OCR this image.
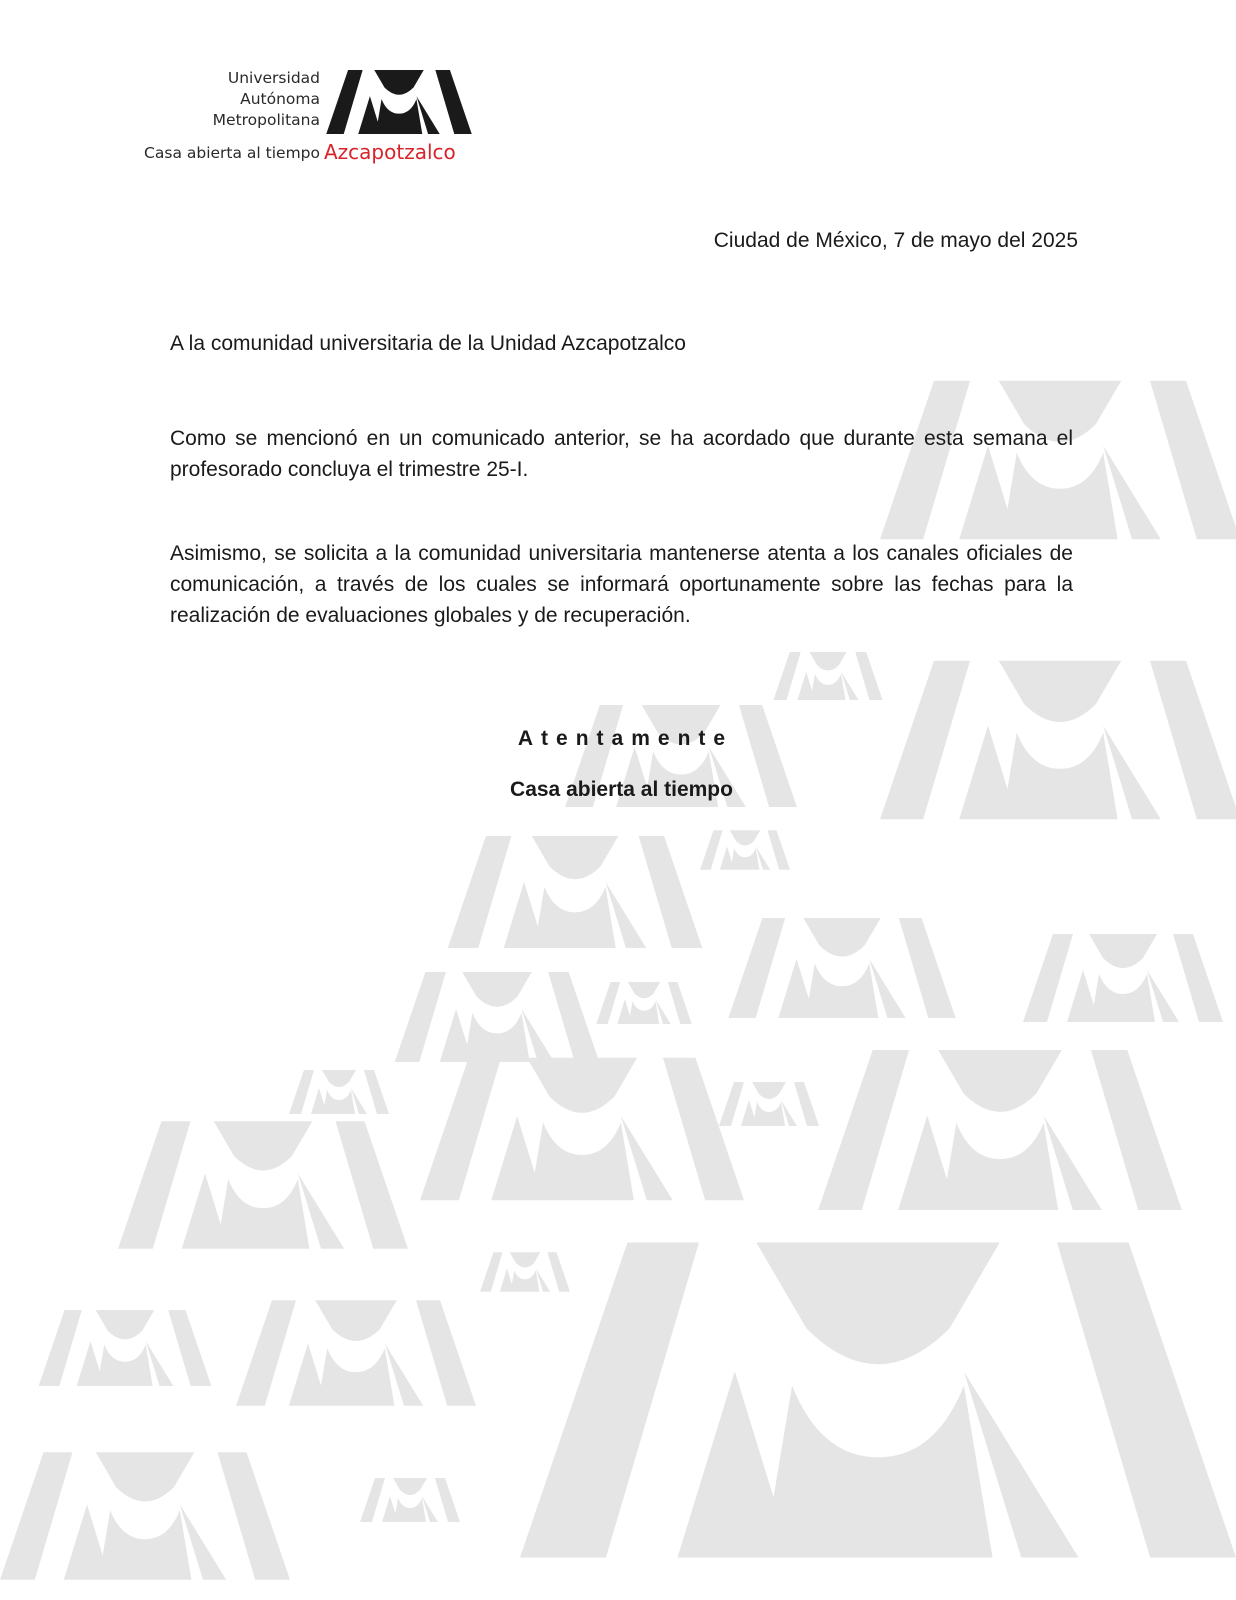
Universidad
Autónoma
Metropolitana
Casa abierta al tiempo Azcapotzalco
Ciudad de México, 7 de mayo del 2025
A la comunidad universitaria de la Unidad Azcapotzalco
Como se mencionó en un comunicado anterior, se ha acordado que durante esta semana el profesorado concluya el trimestre 25-I.
Asimismo, se solicita a la comunidad universitaria mantenerse atenta a los canales oficiales de comunicación, a través de los cuales se informará oportunamente sobre las fechas para la realización de evaluaciones globales y de recuperación.
Atentamente
Casa abierta al tiempo
